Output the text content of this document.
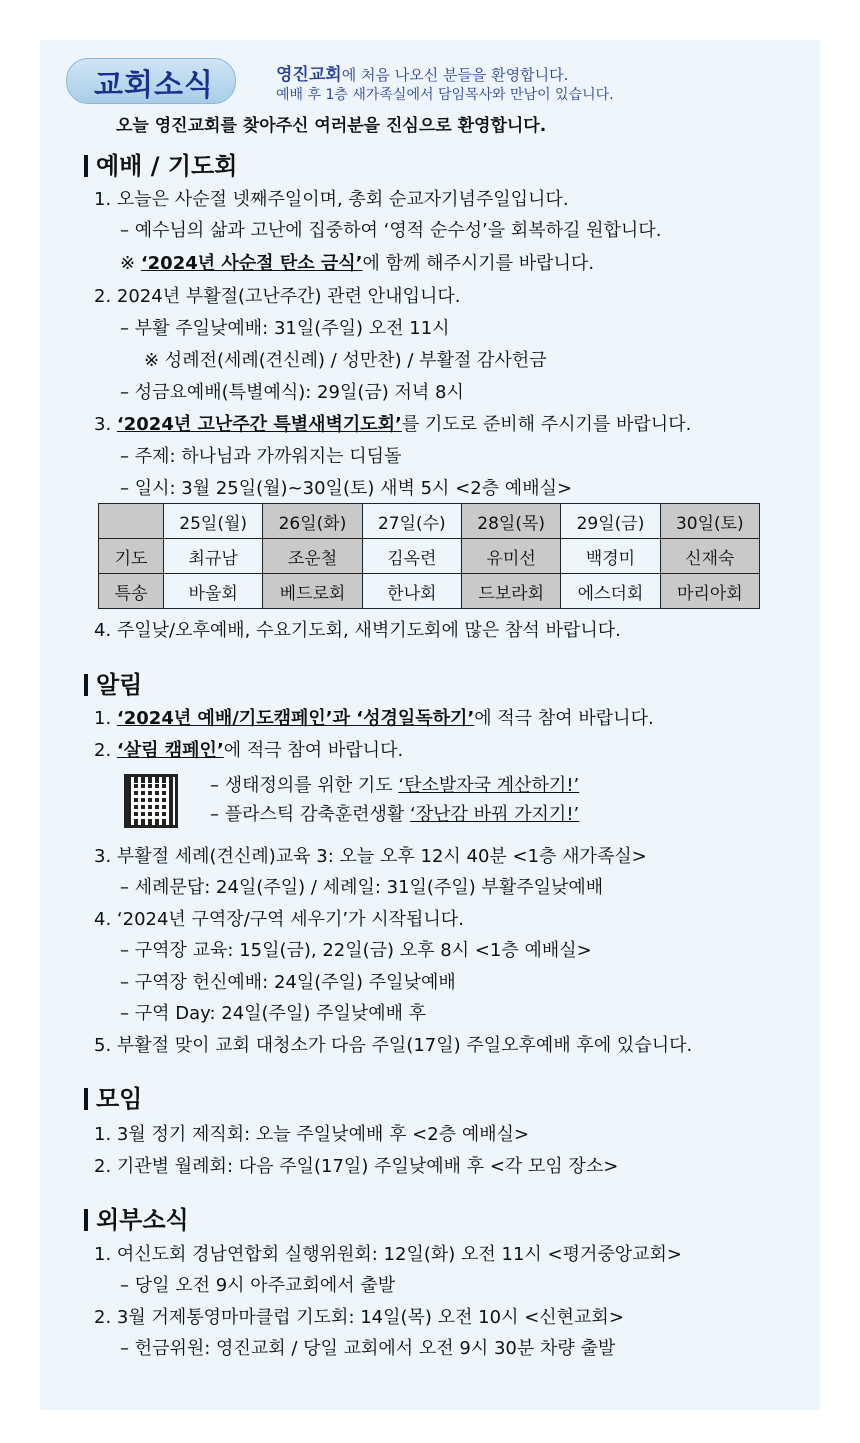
교회소식	영진교회에 처음 나오신 분들을 환영합니다.
예배 후 1층 새가족실에서 담임목사와 만남이 있습니다.
오늘 영진교회를 찾아주신 여러분을 진심으로 환영합니다.
예배 / 기도회
1. 오늘은 사순절 넷째주일이며, 총회 순교자기념주일입니다.
– 예수님의 삶과 고난에 집중하여 ‘영적 순수성’을 회복하길 원합니다.
※ ‘2024년 사순절 탄소 금식’에 함께 해주시기를 바랍니다.
2. 2024년 부활절(고난주간) 관련 안내입니다.
– 부활 주일낮예배: 31일(주일) 오전 11시
※ 성례전(세례(견신례) / 성만찬) / 부활절 감사헌금
– 성금요예배(특별예식): 29일(금) 저녁 8시
3. ‘2024년 고난주간 특별새벽기도회’를 기도로 준비해 주시기를 바랍니다.
– 주제: 하나님과 가까워지는 디딤돌
– 일시: 3월 25일(월)~30일(토) 새벽 5시 <2층 예배실>
	25일(월)	26일(화)	27일(수)	28일(목)	29일(금)	30일(토)
기도	최규남	조운철	김옥련	유미선	백경미	신재숙
특송	바울회	베드로회	한나회	드보라회	에스더회	마리아회
4. 주일낮/오후예배, 수요기도회, 새벽기도회에 많은 참석 바랍니다.
알림
1. ‘2024년 예배/기도캠페인’과 ‘성경일독하기’에 적극 참여 바랍니다.
2. ‘살림 캠페인’에 적극 참여 바랍니다.
– 생태정의를 위한 기도 ‘탄소발자국 계산하기!’
– 플라스틱 감축훈련생활 ‘장난감 바꿔 가지기!’
3. 부활절 세례(견신례)교육 3: 오늘 오후 12시 40분 <1층 새가족실>
– 세례문답: 24일(주일) / 세례일: 31일(주일) 부활주일낮예배
4. ‘2024년 구역장/구역 세우기’가 시작됩니다.
– 구역장 교육: 15일(금), 22일(금) 오후 8시 <1층 예배실>
– 구역장 헌신예배: 24일(주일) 주일낮예배
– 구역 Day: 24일(주일) 주일낮예배 후
5. 부활절 맞이 교회 대청소가 다음 주일(17일) 주일오후예배 후에 있습니다.
모임
1. 3월 정기 제직회: 오늘 주일낮예배 후 <2층 예배실>
2. 기관별 월례회: 다음 주일(17일) 주일낮예배 후 <각 모임 장소>
외부소식
1. 여신도회 경남연합회 실행위원회: 12일(화) 오전 11시 <평거중앙교회>
– 당일 오전 9시 아주교회에서 출발
2. 3월 거제통영마마클럽 기도회: 14일(목) 오전 10시 <신현교회>
– 헌금위원: 영진교회 / 당일 교회에서 오전 9시 30분 차량 출발
